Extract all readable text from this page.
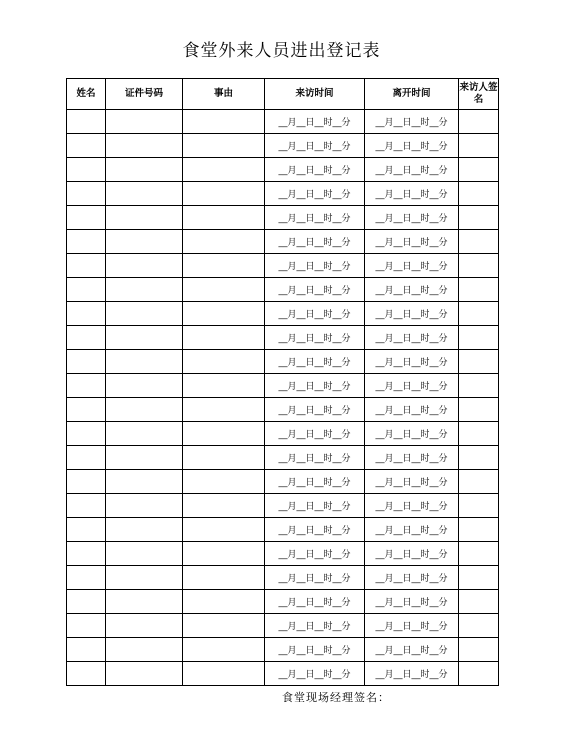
食堂外来人员进出登记表
姓名	证件号码	事由	来访时间	离开时间	来访人签名
			__月__日__时__分	__月__日__时__分	
			__月__日__时__分	__月__日__时__分	
			__月__日__时__分	__月__日__时__分	
			__月__日__时__分	__月__日__时__分	
			__月__日__时__分	__月__日__时__分	
			__月__日__时__分	__月__日__时__分	
			__月__日__时__分	__月__日__时__分	
			__月__日__时__分	__月__日__时__分	
			__月__日__时__分	__月__日__时__分	
			__月__日__时__分	__月__日__时__分	
			__月__日__时__分	__月__日__时__分	
			__月__日__时__分	__月__日__时__分	
			__月__日__时__分	__月__日__时__分	
			__月__日__时__分	__月__日__时__分	
			__月__日__时__分	__月__日__时__分	
			__月__日__时__分	__月__日__时__分	
			__月__日__时__分	__月__日__时__分	
			__月__日__时__分	__月__日__时__分	
			__月__日__时__分	__月__日__时__分	
			__月__日__时__分	__月__日__时__分	
			__月__日__时__分	__月__日__时__分	
			__月__日__时__分	__月__日__时__分	
			__月__日__时__分	__月__日__时__分	
			__月__日__时__分	__月__日__时__分	
食堂现场经理签名：
